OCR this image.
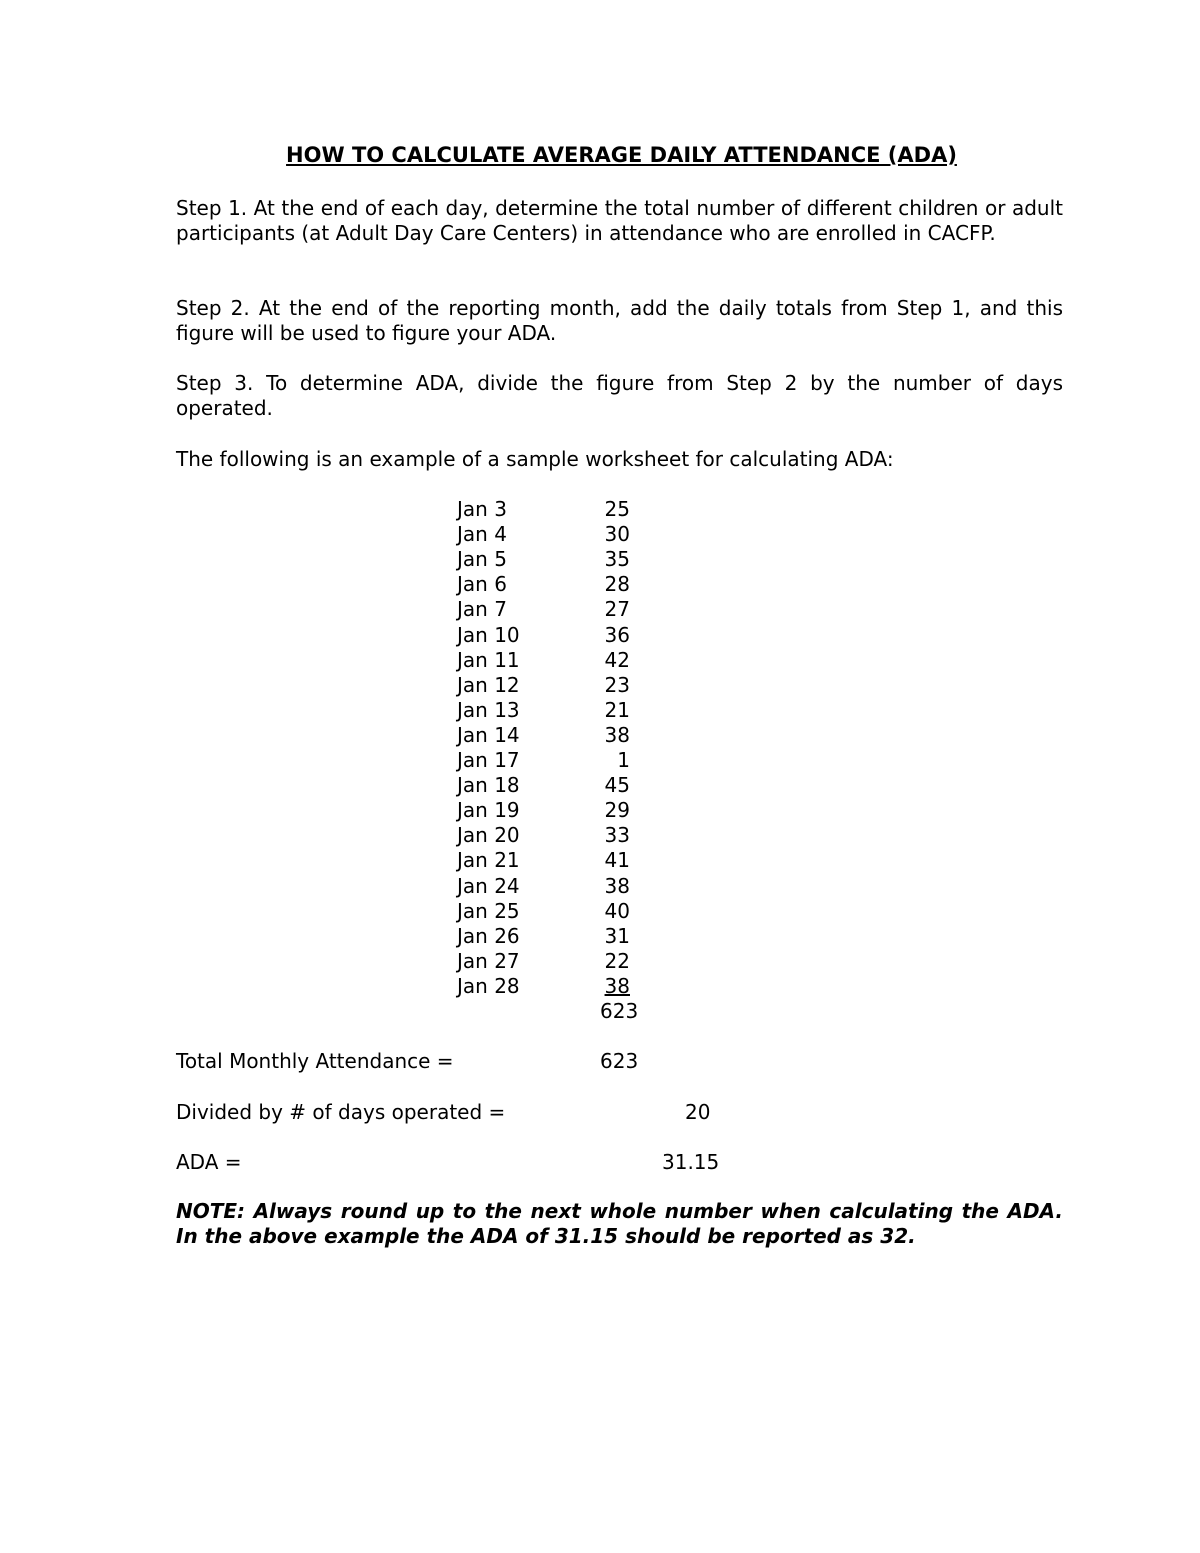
HOW TO CALCULATE AVERAGE DAILY ATTENDANCE (ADA)

Step 1. At the end of each day, determine the total number of different children or adult participants (at Adult Day Care Centers) in attendance who are enrolled in CACFP.

Step 2. At the end of the reporting month, add the daily totals from Step 1, and this figure will be used to figure your ADA.

Step 3. To determine ADA, divide the figure from Step 2 by the number of days operated.

The following is an example of a sample worksheet for calculating ADA:

Jan 3	25
Jan 4	30
Jan 5	35
Jan 6	28
Jan 7	27
Jan 10	36
Jan 11	42
Jan 12	23
Jan 13	21
Jan 14	38
Jan 17	1
Jan 18	45
Jan 19	29
Jan 20	33
Jan 21	41
Jan 24	38
Jan 25	40
Jan 26	31
Jan 27	22
Jan 28	38
623
Total Monthly Attendance =	623
Divided by # of days operated =	20
ADA =	31.15

NOTE: Always round up to the next whole number when calculating the ADA. In the above example the ADA of 31.15 should be reported as 32.
